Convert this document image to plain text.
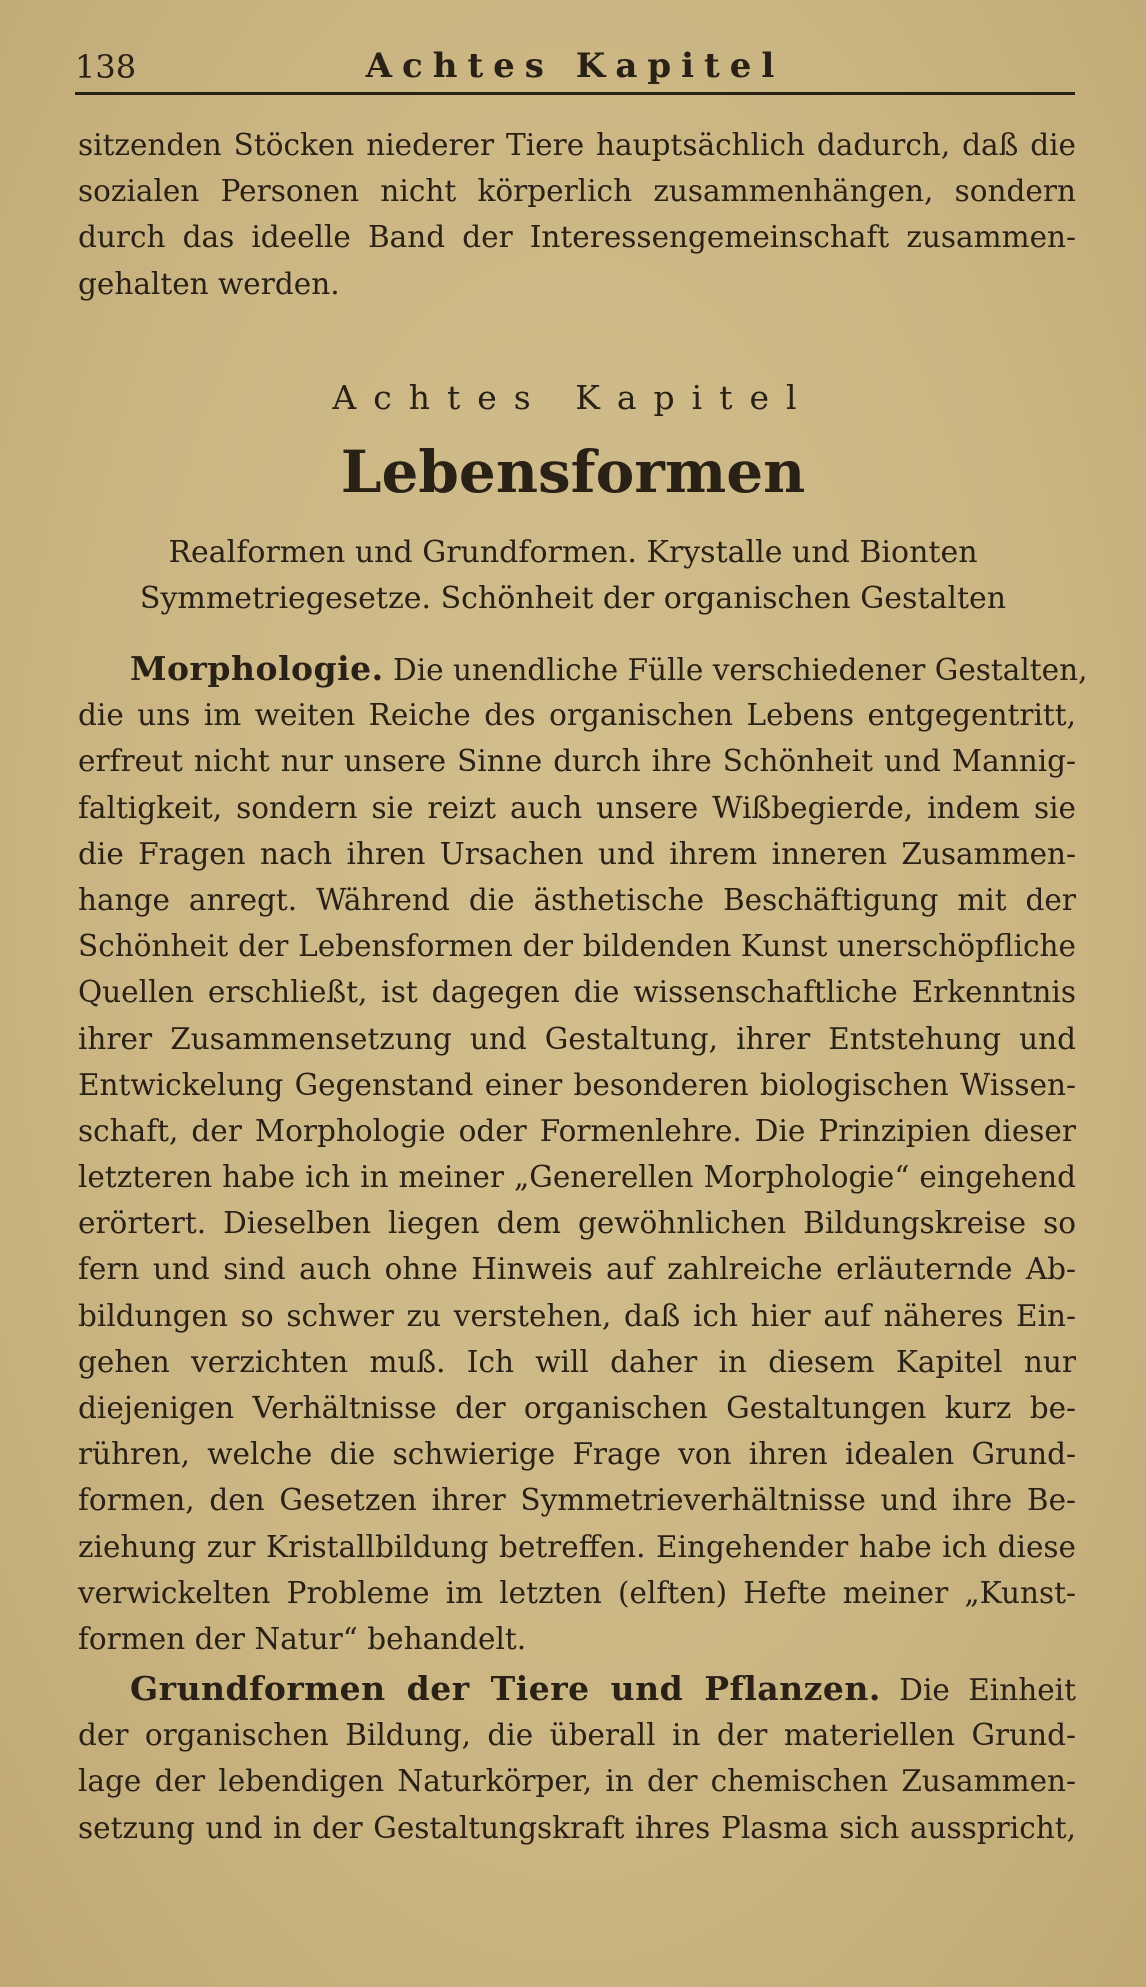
138	Achtes Kapitel
sitzenden Stöcken niederer Tiere hauptsächlich dadurch, daß die
sozialen Personen nicht körperlich zusammenhängen, sondern
durch das ideelle Band der Interessengemeinschaft zusammen-
gehalten werden.
Achtes Kapitel
Lebensformen
Realformen und Grundformen. Krystalle und Bionten
Symmetriegesetze. Schönheit der organischen Gestalten
Morphologie. Die unendliche Fülle verschiedener Gestalten,
die uns im weiten Reiche des organischen Lebens entgegentritt,
erfreut nicht nur unsere Sinne durch ihre Schönheit und Mannig-
faltigkeit, sondern sie reizt auch unsere Wißbegierde, indem sie
die Fragen nach ihren Ursachen und ihrem inneren Zusammen-
hange anregt. Während die ästhetische Beschäftigung mit der
Schönheit der Lebensformen der bildenden Kunst unerschöpfliche
Quellen erschließt, ist dagegen die wissenschaftliche Erkenntnis
ihrer Zusammensetzung und Gestaltung, ihrer Entstehung und
Entwickelung Gegenstand einer besonderen biologischen Wissen-
schaft, der Morphologie oder Formenlehre. Die Prinzipien dieser
letzteren habe ich in meiner „Generellen Morphologie“ eingehend
erörtert. Dieselben liegen dem gewöhnlichen Bildungskreise so
fern und sind auch ohne Hinweis auf zahlreiche erläuternde Ab-
bildungen so schwer zu verstehen, daß ich hier auf näheres Ein-
gehen verzichten muß. Ich will daher in diesem Kapitel nur
diejenigen Verhältnisse der organischen Gestaltungen kurz be-
rühren, welche die schwierige Frage von ihren idealen Grund-
formen, den Gesetzen ihrer Symmetrieverhältnisse und ihre Be-
ziehung zur Kristallbildung betreffen. Eingehender habe ich diese
verwickelten Probleme im letzten (elften) Hefte meiner „Kunst-
formen der Natur“ behandelt.
Grundformen der Tiere und Pflanzen. Die Einheit
der organischen Bildung, die überall in der materiellen Grund-
lage der lebendigen Naturkörper, in der chemischen Zusammen-
setzung und in der Gestaltungskraft ihres Plasma sich ausspricht,
